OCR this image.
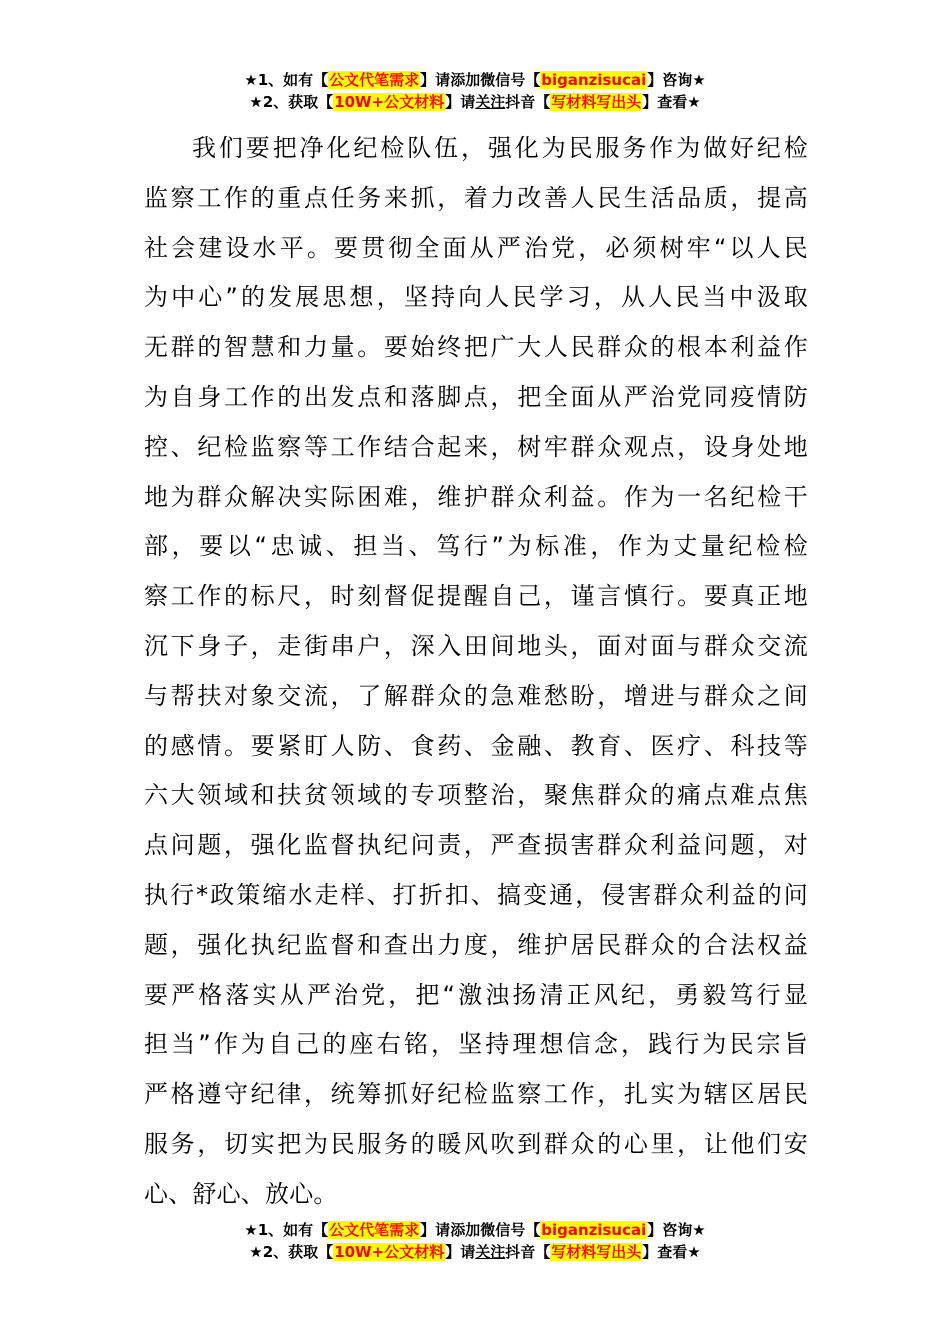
★1、如有【公文代笔需求】请添加微信号【biganzisucai】咨询★
★2、获取【10W+公文材料】请关注抖音【写材料写出头】查看★
我们要把净化纪检队伍，强化为民服务作为做好纪检
监察工作的重点任务来抓，着力改善人民生活品质，提高
社会建设水平。要贯彻全面从严治党，必须树牢“以人民
为中心”的发展思想，坚持向人民学习，从人民当中汲取
无群的智慧和力量。要始终把广大人民群众的根本利益作
为自身工作的出发点和落脚点，把全面从严治党同疫情防
控、纪检监察等工作结合起来，树牢群众观点，设身处地
地为群众解决实际困难，维护群众利益。作为一名纪检干
部，要以“忠诚、担当、笃行”为标准，作为丈量纪检检
察工作的标尺，时刻督促提醒自己，谨言慎行。要真正地
沉下身子，走街串户，深入田间地头，面对面与群众交流
与帮扶对象交流，了解群众的急难愁盼，增进与群众之间
的感情。要紧盯人防、食药、金融、教育、医疗、科技等
六大领域和扶贫领域的专项整治，聚焦群众的痛点难点焦
点问题，强化监督执纪问责，严查损害群众利益问题，对
执行*政策缩水走样、打折扣、搞变通，侵害群众利益的问
题，强化执纪监督和查出力度，维护居民群众的合法权益
要严格落实从严治党，把“激浊扬清正风纪，勇毅笃行显
担当”作为自己的座右铭，坚持理想信念，践行为民宗旨
严格遵守纪律，统筹抓好纪检监察工作，扎实为辖区居民
服务，切实把为民服务的暖风吹到群众的心里，让他们安
心、舒心、放心。
★1、如有【公文代笔需求】请添加微信号【biganzisucai】咨询★
★2、获取【10W+公文材料】请关注抖音【写材料写出头】查看★
